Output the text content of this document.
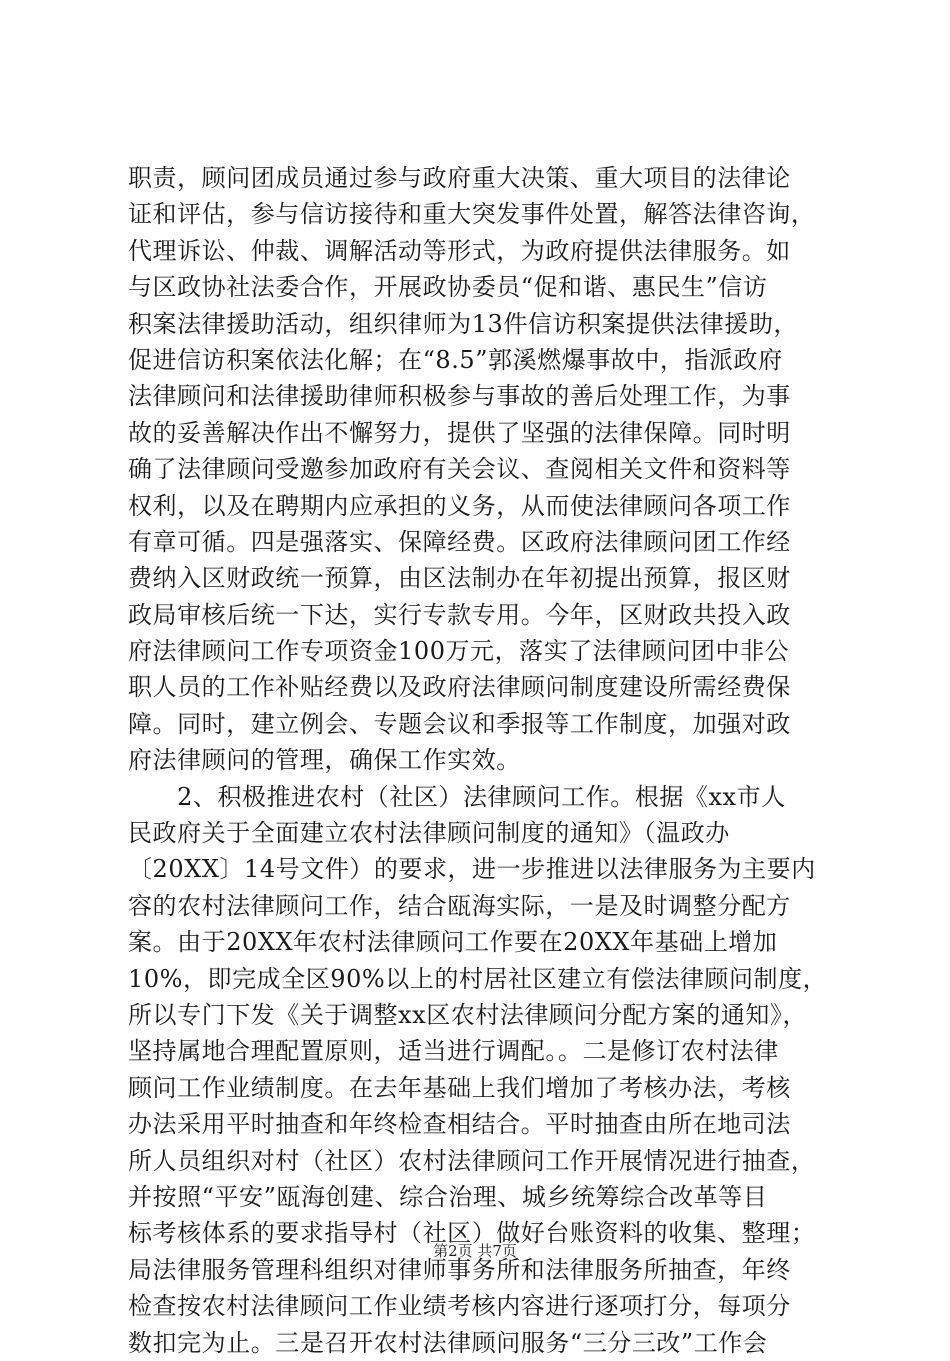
职责，顾问团成员通过参与政府重大决策、重大项目的法律论
证和评估，参与信访接待和重大突发事件处置，解答法律咨询，
代理诉讼、仲裁、调解活动等形式，为政府提供法律服务。如
与区政协社法委合作，开展政协委员“促和谐、惠民生”信访
积案法律援助活动，组织律师为13件信访积案提供法律援助，
促进信访积案依法化解；在“8.5”郭溪燃爆事故中，指派政府
法律顾问和法律援助律师积极参与事故的善后处理工作，为事
故的妥善解决作出不懈努力，提供了坚强的法律保障。同时明
确了法律顾问受邀参加政府有关会议、查阅相关文件和资料等
权利，以及在聘期内应承担的义务，从而使法律顾问各项工作
有章可循。四是强落实、保障经费。区政府法律顾问团工作经
费纳入区财政统一预算，由区法制办在年初提出预算，报区财
政局审核后统一下达，实行专款专用。今年，区财政共投入政
府法律顾问工作专项资金100万元，落实了法律顾问团中非公
职人员的工作补贴经费以及政府法律顾问制度建设所需经费保
障。同时，建立例会、专题会议和季报等工作制度，加强对政
府法律顾问的管理，确保工作实效。
　　2、积极推进农村（社区）法律顾问工作。根据《xx市人
民政府关于全面建立农村法律顾问制度的通知》（温政办
〔20XX〕14号文件）的要求，进一步推进以法律服务为主要内
容的农村法律顾问工作，结合瓯海实际，一是及时调整分配方
案。由于20XX年农村法律顾问工作要在20XX年基础上增加
10%，即完成全区90%以上的村居社区建立有偿法律顾问制度，
所以专门下发《关于调整xx区农村法律顾问分配方案的通知》，
坚持属地合理配置原则，适当进行调配。。二是修订农村法律
顾问工作业绩制度。在去年基础上我们增加了考核办法，考核
办法采用平时抽查和年终检查相结合。平时抽查由所在地司法
所人员组织对村（社区）农村法律顾问工作开展情况进行抽查，
并按照“平安”瓯海创建、综合治理、城乡统筹综合改革等目
标考核体系的要求指导村（社区）做好台账资料的收集、整理；
局法律服务管理科组织对律师事务所和法律服务所抽查，年终
检查按农村法律顾问工作业绩考核内容进行逐项打分，每项分
数扣完为止。三是召开农村法律顾问服务“三分三改”工作会
第2页 共7页
